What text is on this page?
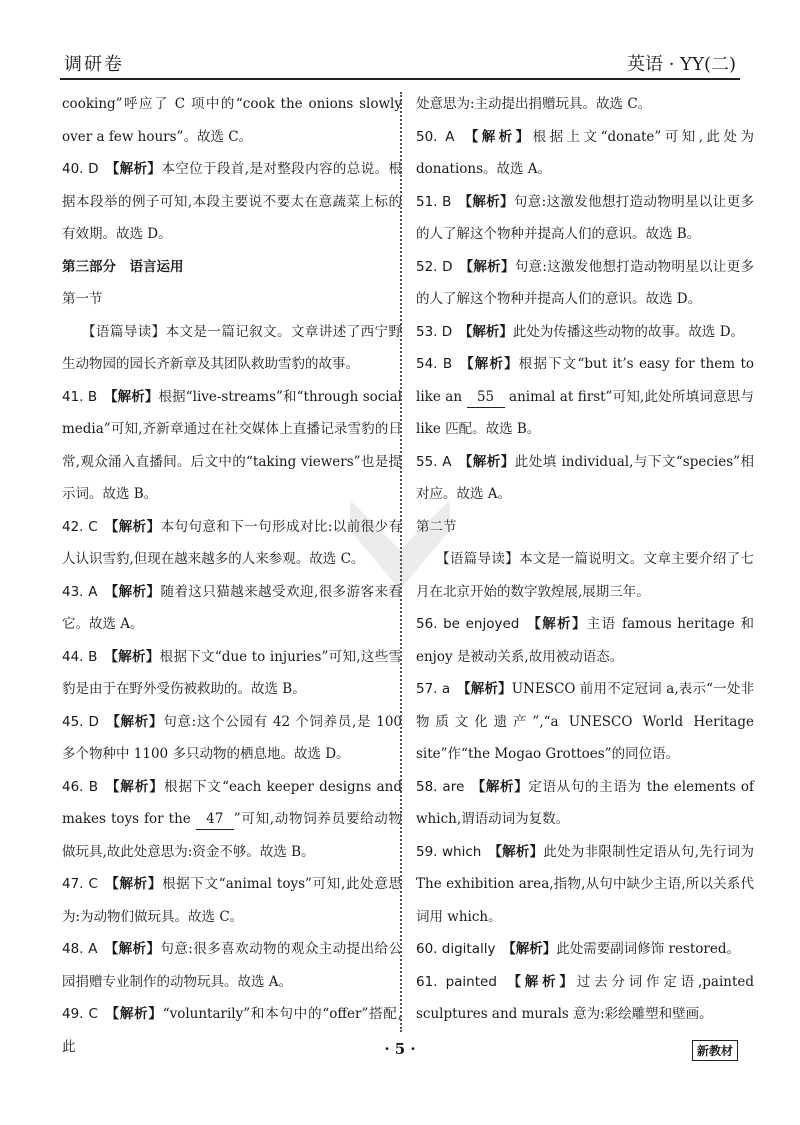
调研卷	英语 · YY(二)

cooking”呼应了 C 项中的“cook the onions slowly over a few hours”。故选 C。

40. D  【解析】本空位于段首,是对整段内容的总说。根据本段举的例子可知,本段主要说不要太在意蔬菜上标的有效期。故选 D。

第三部分　语言运用

第一节

【语篇导读】本文是一篇记叙文。文章讲述了西宁野生动物园的园长齐新章及其团队救助雪豹的故事。

41. B  【解析】根据“live-streams”和“through social media”可知,齐新章通过在社交媒体上直播记录雪豹的日常,观众涌入直播间。后文中的“taking viewers”也是提示词。故选 B。

42. C  【解析】本句句意和下一句形成对比:以前很少有人认识雪豹,但现在越来越多的人来参观。故选 C。

43. A  【解析】随着这只猫越来越受欢迎,很多游客来看它。故选 A。

44. B  【解析】根据下文“due to injuries”可知,这些雪豹是由于在野外受伤被救助的。故选 B。

45. D  【解析】句意:这个公园有 42 个饲养员,是 100 多个物种中 1100 多只动物的栖息地。故选 D。

46. B  【解析】根据下文“each keeper designs and makes toys for the 47 ”可知,动物饲养员要给动物做玩具,故此处意思为:资金不够。故选 B。

47. C  【解析】根据下文“animal toys”可知,此处意思为:为动物们做玩具。故选 C。

48. A  【解析】句意:很多喜欢动物的观众主动提出给公园捐赠专业制作的动物玩具。故选 A。

49. C  【解析】“voluntarily”和本句中的“offer”搭配,此

处意思为:主动提出捐赠玩具。故选 C。

50. A  【解析】根据上文“donate”可知,此处为 donations。故选 A。

51. B  【解析】句意:这激发他想打造动物明星以让更多的人了解这个物种并提高人们的意识。故选 B。

52. D  【解析】句意:这激发他想打造动物明星以让更多的人了解这个物种并提高人们的意识。故选 D。

53. D  【解析】此处为传播这些动物的故事。故选 D。

54. B  【解析】根据下文“but it’s easy for them to like an 55 animal at first”可知,此处所填词意思与 like 匹配。故选 B。

55. A  【解析】此处填 individual,与下文“species”相对应。故选 A。

第二节

【语篇导读】本文是一篇说明文。文章主要介绍了七月在北京开始的数字敦煌展,展期三年。

56. be enjoyed  【解析】主语 famous heritage 和 enjoy 是被动关系,故用被动语态。

57. a  【解析】UNESCO 前用不定冠词 a,表示“一处非物质文化遗产”,“a UNESCO World Heritage site”作“the Mogao Grottoes”的同位语。

58. are  【解析】定语从句的主语为 the elements of which,谓语动词为复数。

59. which  【解析】此处为非限制性定语从句,先行词为 The exhibition area,指物,从句中缺少主语,所以关系代词用 which。

60. digitally  【解析】此处需要副词修饰 restored。

61. painted  【解析】过去分词作定语,painted sculptures and murals 意为:彩绘雕塑和壁画。

· 5 ·	新教材
